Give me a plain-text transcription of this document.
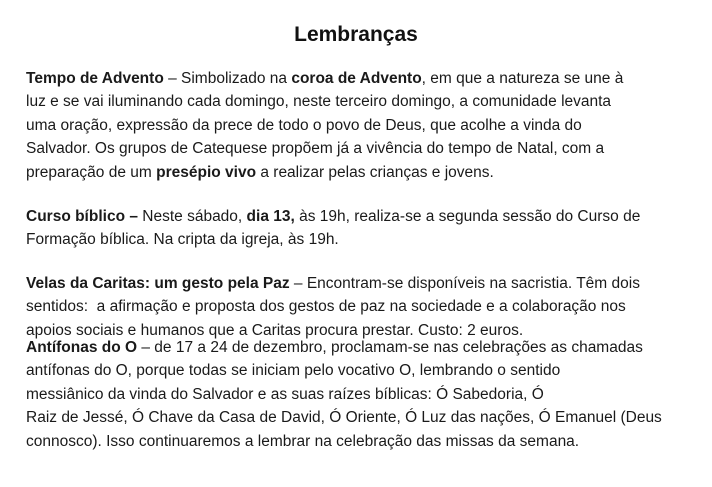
Lembranças
Tempo de Advento – Simbolizado na coroa de Advento, em que a natureza se une à
luz e se vai iluminando cada domingo, neste terceiro domingo, a comunidade levanta
uma oração, expressão da prece de todo o povo de Deus, que acolhe a vinda do
Salvador. Os grupos de Catequese propõem já a vivência do tempo de Natal, com a
preparação de um presépio vivo a realizar pelas crianças e jovens.
Curso bíblico – Neste sábado, dia 13, às 19h, realiza-se a segunda sessão do Curso de
Formação bíblica. Na cripta da igreja, às 19h.
Velas da Caritas: um gesto pela Paz – Encontram-se disponíveis na sacristia. Têm dois
sentidos:  a afirmação e proposta dos gestos de paz na sociedade e a colaboração nos
apoios sociais e humanos que a Caritas procura prestar. Custo: 2 euros.
Antífonas do O – de 17 a 24 de dezembro, proclamam-se nas celebrações as chamadas
antífonas do O, porque todas se iniciam pelo vocativo O, lembrando o sentido
messiânico da vinda do Salvador e as suas raízes bíblicas: Ó Sabedoria, Ó
Raiz de Jessé, Ó Chave da Casa de David, Ó Oriente, Ó Luz das nações, Ó Emanuel (Deus
connosco). Isso continuaremos a lembrar na celebração das missas da semana.
